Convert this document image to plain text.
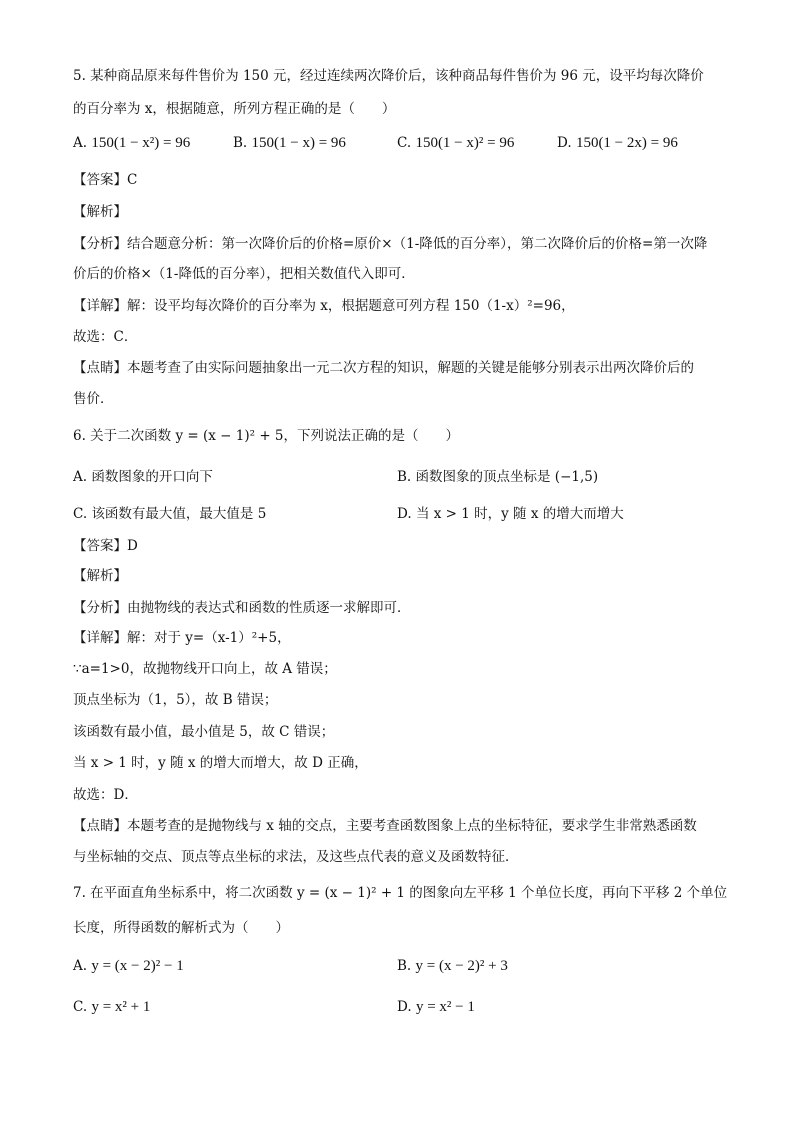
5. 某种商品原来每件售价为 150 元，经过连续两次降价后，该种商品每件售价为 96 元，设平均每次降价
的百分率为 x，根据随意，所列方程正确的是（　　）
A. 150(1 − x²) = 96	B. 150(1 − x) = 96	C. 150(1 − x)² = 96	D. 150(1 − 2x) = 96
【答案】C
【解析】
【分析】结合题意分析：第一次降价后的价格=原价×（1-降低的百分率），第二次降价后的价格=第一次降
价后的价格×（1-降低的百分率），把相关数值代入即可．
【详解】解：设平均每次降价的百分率为 x，根据题意可列方程 150（1-x）²=96，
故选：C．
【点睛】本题考查了由实际问题抽象出一元二次方程的知识，解题的关键是能够分别表示出两次降价后的
售价．
6. 关于二次函数 y = (x − 1)² + 5，下列说法正确的是（　　）
A. 函数图象的开口向下	B. 函数图象的顶点坐标是 (−1,5)
C. 该函数有最大值，最大值是 5	D. 当 x > 1 时，y 随 x 的增大而增大
【答案】D
【解析】
【分析】由抛物线的表达式和函数的性质逐一求解即可．
【详解】解：对于 y=（x-1）²+5，
∵a=1>0，故抛物线开口向上，故 A 错误；
顶点坐标为（1，5），故 B 错误；
该函数有最小值，最小值是 5，故 C 错误；
当 x > 1 时，y 随 x 的增大而增大，故 D 正确，
故选：D．
【点睛】本题考查的是抛物线与 x 轴的交点，主要考查函数图象上点的坐标特征，要求学生非常熟悉函数
与坐标轴的交点、顶点等点坐标的求法，及这些点代表的意义及函数特征．
7. 在平面直角坐标系中，将二次函数 y = (x − 1)² + 1 的图象向左平移 1 个单位长度，再向下平移 2 个单位
长度，所得函数的解析式为（　　）
A. y = (x − 2)² − 1	B. y = (x − 2)² + 3
C. y = x² + 1	D. y = x² − 1
